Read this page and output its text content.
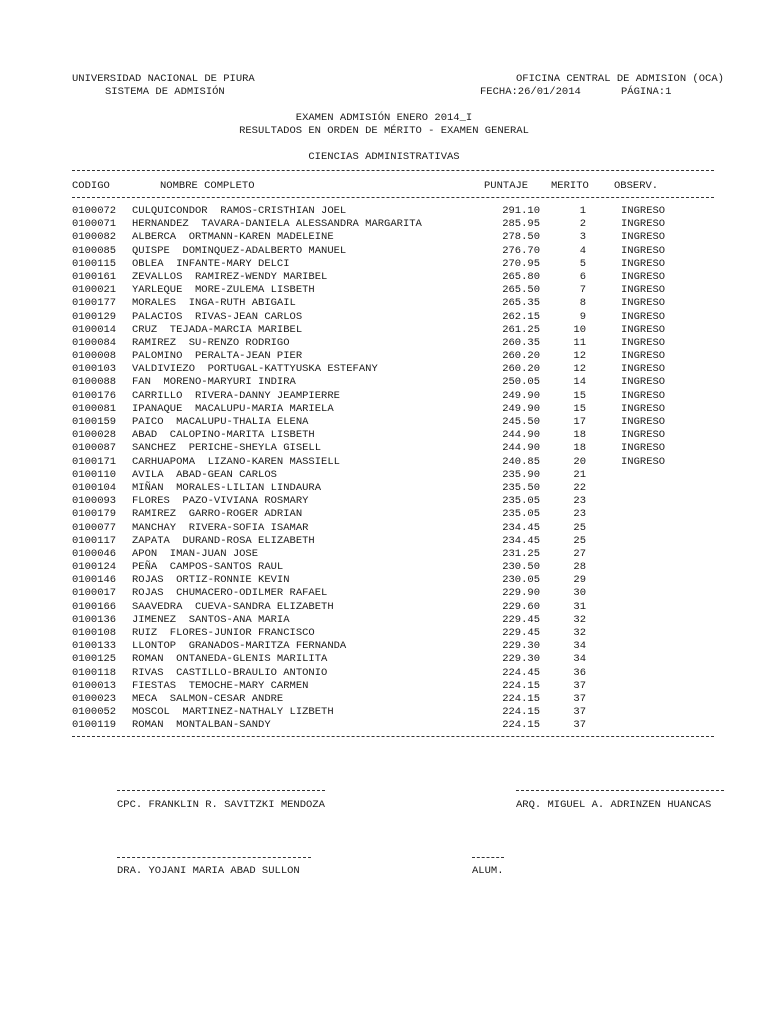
UNIVERSIDAD NACIONAL DE PIURA
SISTEMA DE ADMISIÓN
OFICINA CENTRAL DE ADMISION (OCA)
FECHA:26/01/2014	PÁGINA:1
EXAMEN ADMISIÓN ENERO 2014_I
RESULTADOS EN ORDEN DE MÉRITO - EXAMEN GENERAL
CIENCIAS ADMINISTRATIVAS
CODIGO	NOMBRE COMPLETO	PUNTAJE MERITO OBSERV.
0100072 CULQUICONDOR  RAMOS-CRISTHIAN JOEL	291.10	1	INGRESO
0100071 HERNANDEZ  TAVARA-DANIELA ALESSANDRA MARGARITA	285.95	2	INGRESO
0100082 ALBERCA  ORTMANN-KAREN MADELEINE	278.50	3	INGRESO
0100085 QUISPE  DOMINQUEZ-ADALBERTO MANUEL	276.70	4	INGRESO
0100115 OBLEA  INFANTE-MARY DELCI	270.95	5	INGRESO
0100161 ZEVALLOS  RAMIREZ-WENDY MARIBEL	265.80	6	INGRESO
0100021 YARLEQUE  MORE-ZULEMA LISBETH	265.50	7	INGRESO
0100177 MORALES  INGA-RUTH ABIGAIL	265.35	8	INGRESO
0100129 PALACIOS  RIVAS-JEAN CARLOS	262.15	9	INGRESO
0100014 CRUZ  TEJADA-MARCIA MARIBEL	261.25	10	INGRESO
0100084 RAMIREZ  SU-RENZO RODRIGO	260.35	11	INGRESO
0100008 PALOMINO  PERALTA-JEAN PIER	260.20	12	INGRESO
0100103 VALDIVIEZO  PORTUGAL-KATTYUSKA ESTEFANY	260.20	12	INGRESO
0100088 FAN  MORENO-MARYURI INDIRA	250.05	14	INGRESO
0100176 CARRILLO  RIVERA-DANNY JEAMPIERRE	249.90	15	INGRESO
0100081 IPANAQUE  MACALUPU-MARIA MARIELA	249.90	15	INGRESO
0100159 PAICO  MACALUPU-THALIA ELENA	245.50	17	INGRESO
0100028 ABAD  CALOPINO-MARITA LISBETH	244.90	18	INGRESO
0100087 SANCHEZ  PERICHE-SHEYLA GISELL	244.90	18	INGRESO
0100171 CARHUAPOMA  LIZANO-KAREN MASSIELL	240.85	20	INGRESO
0100110 AVILA  ABAD-GEAN CARLOS	235.90	21
0100104 MIÑAN  MORALES-LILIAN LINDAURA	235.50	22
0100093 FLORES  PAZO-VIVIANA ROSMARY	235.05	23
0100179 RAMIREZ  GARRO-ROGER ADRIAN	235.05	23
0100077 MANCHAY  RIVERA-SOFIA ISAMAR	234.45	25
0100117 ZAPATA  DURAND-ROSA ELIZABETH	234.45	25
0100046 APON  IMAN-JUAN JOSE	231.25	27
0100124 PEÑA  CAMPOS-SANTOS RAUL	230.50	28
0100146 ROJAS  ORTIZ-RONNIE KEVIN	230.05	29
0100017 ROJAS  CHUMACERO-ODILMER RAFAEL	229.90	30
0100166 SAAVEDRA  CUEVA-SANDRA ELIZABETH	229.60	31
0100136 JIMENEZ  SANTOS-ANA MARIA	229.45	32
0100108 RUIZ  FLORES-JUNIOR FRANCISCO	229.45	32
0100133 LLONTOP  GRANADOS-MARITZA FERNANDA	229.30	34
0100125 ROMAN  ONTANEDA-GLENIS MARILITA	229.30	34
0100118 RIVAS  CASTILLO-BRAULIO ANTONIO	224.45	36
0100013 FIESTAS  TEMOCHE-MARY CARMEN	224.15	37
0100023 MECA  SALMON-CESAR ANDRE	224.15	37
0100052 MOSCOL  MARTINEZ-NATHALY LIZBETH	224.15	37
0100119 ROMAN  MONTALBAN-SANDY	224.15	37
CPC. FRANKLIN R. SAVITZKI MENDOZA	ARQ. MIGUEL A. ADRINZEN HUANCAS
DRA. YOJANI MARIA ABAD SULLON	ALUM.
